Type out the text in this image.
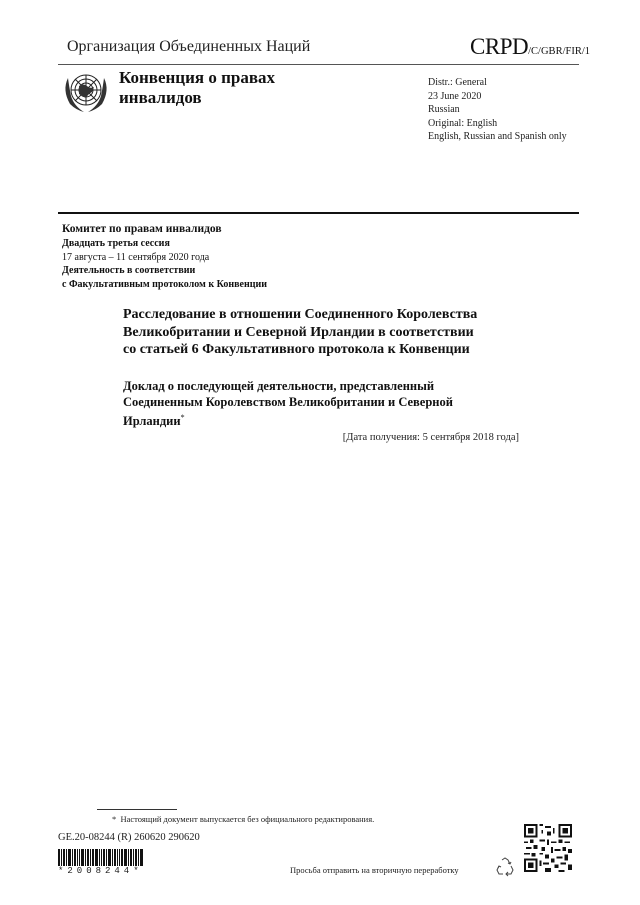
Организация Объединенных Наций	CRPD/C/GBR/FIR/1
Конвенция о правах
инвалидов
Distr.: General
23 June 2020
Russian
Original: English
English, Russian and Spanish only
Комитет по правам инвалидов
Двадцать третья сессия
17 августа – 11 сентября 2020 года
Деятельность в соответствии
с Факультативным протоколом к Конвенции
Расследование в отношении Соединенного Королевства
Великобритании и Северной Ирландии в соответствии
со статьей 6 Факультативного протокола к Конвенции
Доклад о последующей деятельности, представленный
Соединенным Королевством Великобритании и Северной
Ирландии*
[Дата получения: 5 сентября 2018 года]
* Настоящий документ выпускается без официального редактирования.
GE.20-08244 (R) 260620 290620
*2008244*	Просьба отправить на вторичную переработку
